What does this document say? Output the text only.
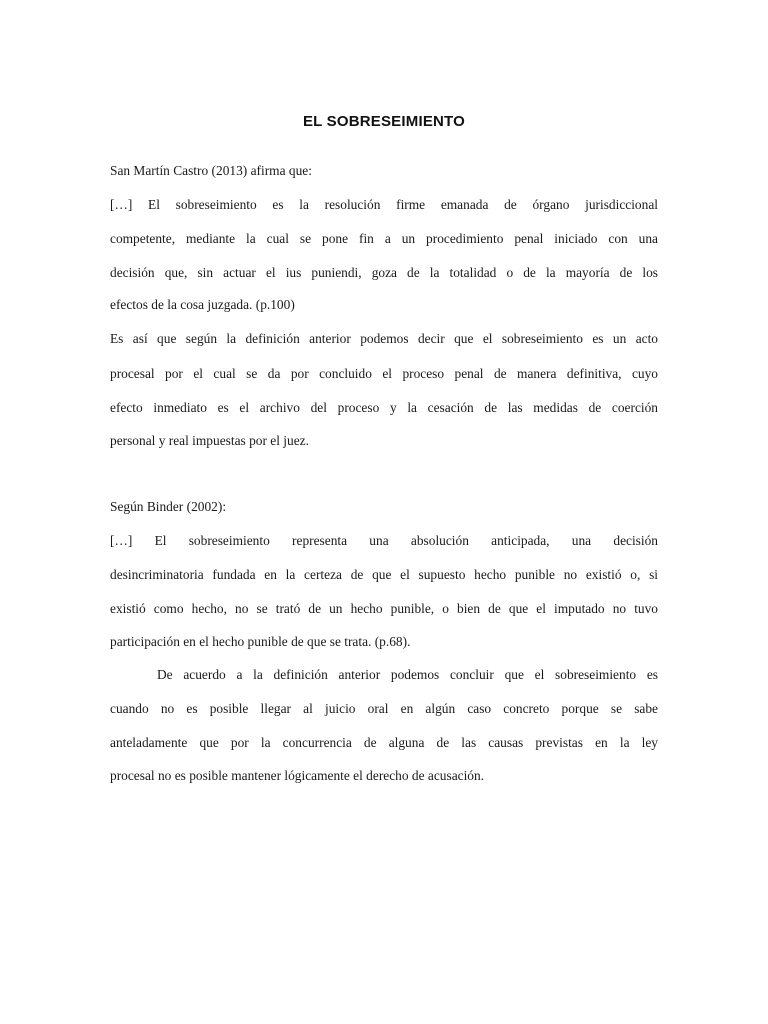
EL SOBRESEIMIENTO
San Martín Castro (2013) afirma que:
[…] El sobreseimiento es la resolución firme emanada de órgano jurisdiccional
competente, mediante la cual se pone fin a un procedimiento penal iniciado con una
decisión que, sin actuar el ius puniendi, goza de la totalidad o de la mayoría de los
efectos de la cosa juzgada. (p.100)
Es así que según la definición anterior podemos decir que el sobreseimiento es un acto
procesal por el cual se da por concluido el proceso penal de manera definitiva, cuyo
efecto inmediato es el archivo del proceso y la cesación de las medidas de coerción
personal y real impuestas por el juez.
Según Binder (2002):
[…] El sobreseimiento representa una absolución anticipada, una decisión
desincriminatoria fundada en la certeza de que el supuesto hecho punible no existió o, si
existió como hecho, no se trató de un hecho punible, o bien de que el imputado no tuvo
participación en el hecho punible de que se trata. (p.68).
De acuerdo a la definición anterior podemos concluir que el sobreseimiento es
cuando no es posible llegar al juicio oral en algún caso concreto porque se sabe
anteladamente que por la concurrencia de alguna de las causas previstas en la ley
procesal no es posible mantener lógicamente el derecho de acusación.
